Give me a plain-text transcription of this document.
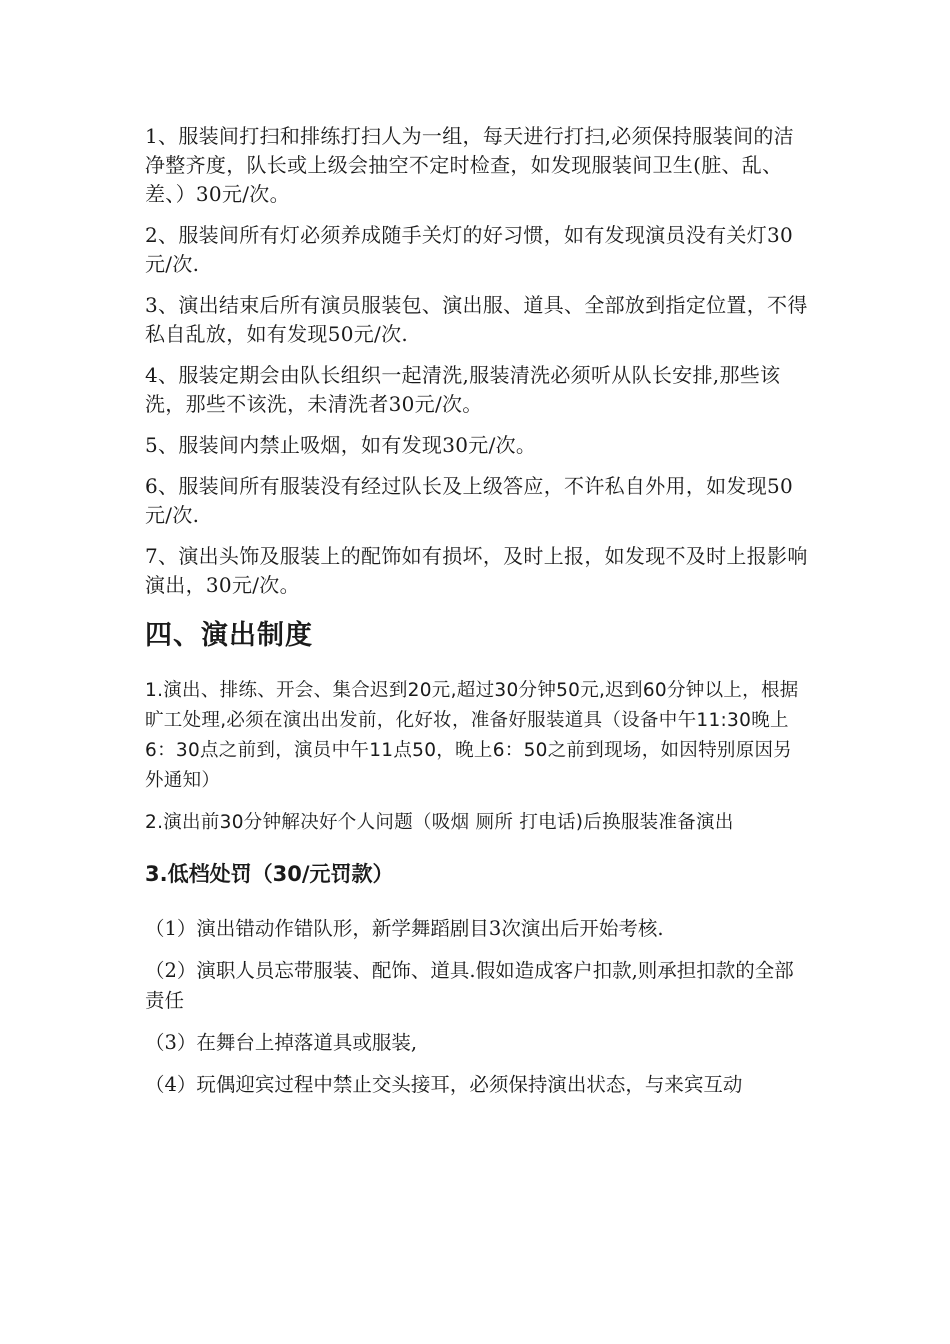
1、服装间打扫和排练打扫人为一组，每天进行打扫,必须保持服装间的洁净整齐度，队长或上级会抽空不定时检查，如发现服装间卫生(脏、乱、差、）30元/次。

2、服装间所有灯必须养成随手关灯的好习惯，如有发现演员没有关灯30元/次.

3、演出结束后所有演员服装包、演出服、道具、全部放到指定位置，不得私自乱放，如有发现50元/次.

4、服装定期会由队长组织一起清洗,服装清洗必须听从队长安排,那些该洗，那些不该洗，未清洗者30元/次。

5、服装间内禁止吸烟，如有发现30元/次。

6、服装间所有服装没有经过队长及上级答应，不许私自外用，如发现50元/次.

7、演出头饰及服装上的配饰如有损坏，及时上报，如发现不及时上报影响演出，30元/次。

四、演出制度

1.演出、排练、开会、集合迟到20元,超过30分钟50元,迟到60分钟以上，根据旷工处理,必须在演出出发前，化好妆，准备好服装道具（设备中午11:30晚上6：30点之前到，演员中午11点50，晚上6：50之前到现场，如因特别原因另外通知）

2.演出前30分钟解决好个人问题（吸烟 厕所 打电话)后换服装准备演出

3.低档处罚（30/元罚款）

（1）演出错动作错队形，新学舞蹈剧目3次演出后开始考核.

（2）演职人员忘带服装、配饰、道具.假如造成客户扣款,则承担扣款的全部责任

（3）在舞台上掉落道具或服装,

（4）玩偶迎宾过程中禁止交头接耳，必须保持演出状态，与来宾互动
